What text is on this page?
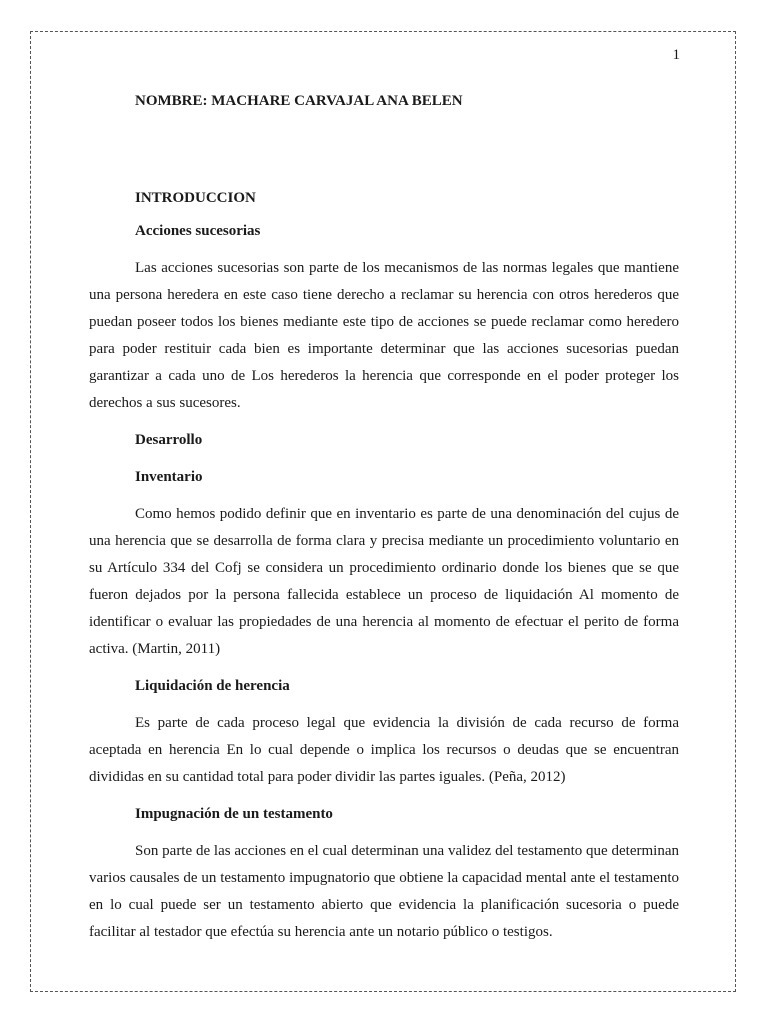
1
NOMBRE: MACHARE CARVAJAL ANA BELEN
INTRODUCCION
Acciones sucesorias

Las acciones sucesorias son parte de los mecanismos de las normas legales que mantiene una persona heredera en este caso tiene derecho a reclamar su herencia con otros herederos que puedan poseer todos los bienes mediante este tipo de acciones se puede reclamar como heredero para poder restituir cada bien es importante determinar que las acciones sucesorias puedan garantizar a cada uno de Los herederos la herencia que corresponde en el poder proteger los derechos a sus sucesores.

Desarrollo
Inventario

Como hemos podido definir que en inventario es parte de una denominación del cujus de una herencia que se desarrolla de forma clara y precisa mediante un procedimiento voluntario en su Artículo 334 del Cofj se considera un procedimiento ordinario donde los bienes que se que fueron dejados por la persona fallecida establece un proceso de liquidación Al momento de identificar o evaluar las propiedades de una herencia al momento de efectuar el perito de forma activa. (Martin, 2011)

Liquidación de herencia

Es parte de cada proceso legal que evidencia la división de cada recurso de forma aceptada en herencia En lo cual depende o implica los recursos o deudas que se encuentran divididas en su cantidad total para poder dividir las partes iguales. (Peña, 2012)

Impugnación de un testamento

Son parte de las acciones en el cual determinan una validez del testamento que determinan varios causales de un testamento impugnatorio que obtiene la capacidad mental ante el testamento en lo cual puede ser un testamento abierto que evidencia la planificación sucesoria o puede facilitar al testador que efectúa su herencia ante un notario público o testigos.
